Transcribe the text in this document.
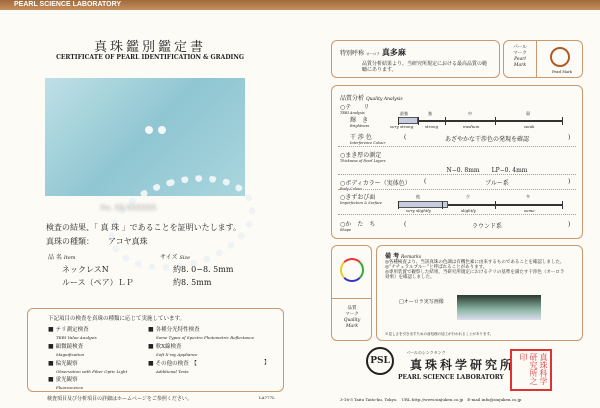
PEARL SCIENCE LABORATORY
真珠鑑別鑑定書
CERTIFICATE OF PEARL IDENTIFICATION & GRADING
No. XX-XXXXXX
検査の結果、「 真 珠 」であることを証明いたします。
真珠の種類： アコヤ真珠
品 名 Item	サイズ Size
ネックレスN	約8. 0−8. 5mm
ルース（ペア）ＬＰ	約8. 5mm
下記項目の検査を真珠の種類に応じて実施しています。
■ テリ測定検査
TERI Value Analysis
■ 各種分光特性検査
Some Types of Spectro Photometric Reflectance
■ 顕微鏡検査
Magnification
■ 軟X線検査
Soft X-ray Appliance
■ 偏光観察
Observation with Fiber Optic Light
■ その他の検査　【
Additional Tests
】
■ 蛍光観察
Fluorescence
検査項目及び分析項目の詳細はホームページをご参照ください。	LA777L
特別呼称 オーロラ 真多麻
品質分析結果より、当研究所規定における最高品質の範疇にあります。
パール
マーク
Pearl
Mark
Pearl Mark
品質分析 Quality Analysis
○テ　　リ
TERI Analysis
輝　き
Brightness
最強	強	中	弱
very strong	strong	medium	weak
干 渉 色
Interference Colour
(	)
あざやかな干渉色の発現を確認
○まき厚の測定
Thickness of Pearl Layers
N−0. 8mm　　LP−0. 4mm
○ボディカラー（実体色）
Body Colour
(	)
ブルー系
○きずおび面
Imperfection & Surface
他	少	多
very slightly	slightly	some
○か　た　ち
Shape
(	)
ラウンド系
品質
マーク
Quality
Mark
備 考 Remarks
◎各種検査より、当該真珠の色調は有機色素に由来するものであることを確認しました。
◎“ナチュラルブルー”と呼ばれることがあります。
◎専用装置で観察した結果、当研究所規定におけるテリの基準を満たす干渉色（オーロラ効果）を確認しました。
□オーロラ実写画像
※見しさを引き出すための前処理の加工が行われることがあります。
PSL
パールのシンクタンク
真珠科学研究所
PEARL SCIENCE LABORATORY	真珠科学研究所之印
3-16-5 Taito Taito-ku, Tokyo.　URL http://www.sinjuken.co.jp　E-mail info@sinjuken.co.jp
